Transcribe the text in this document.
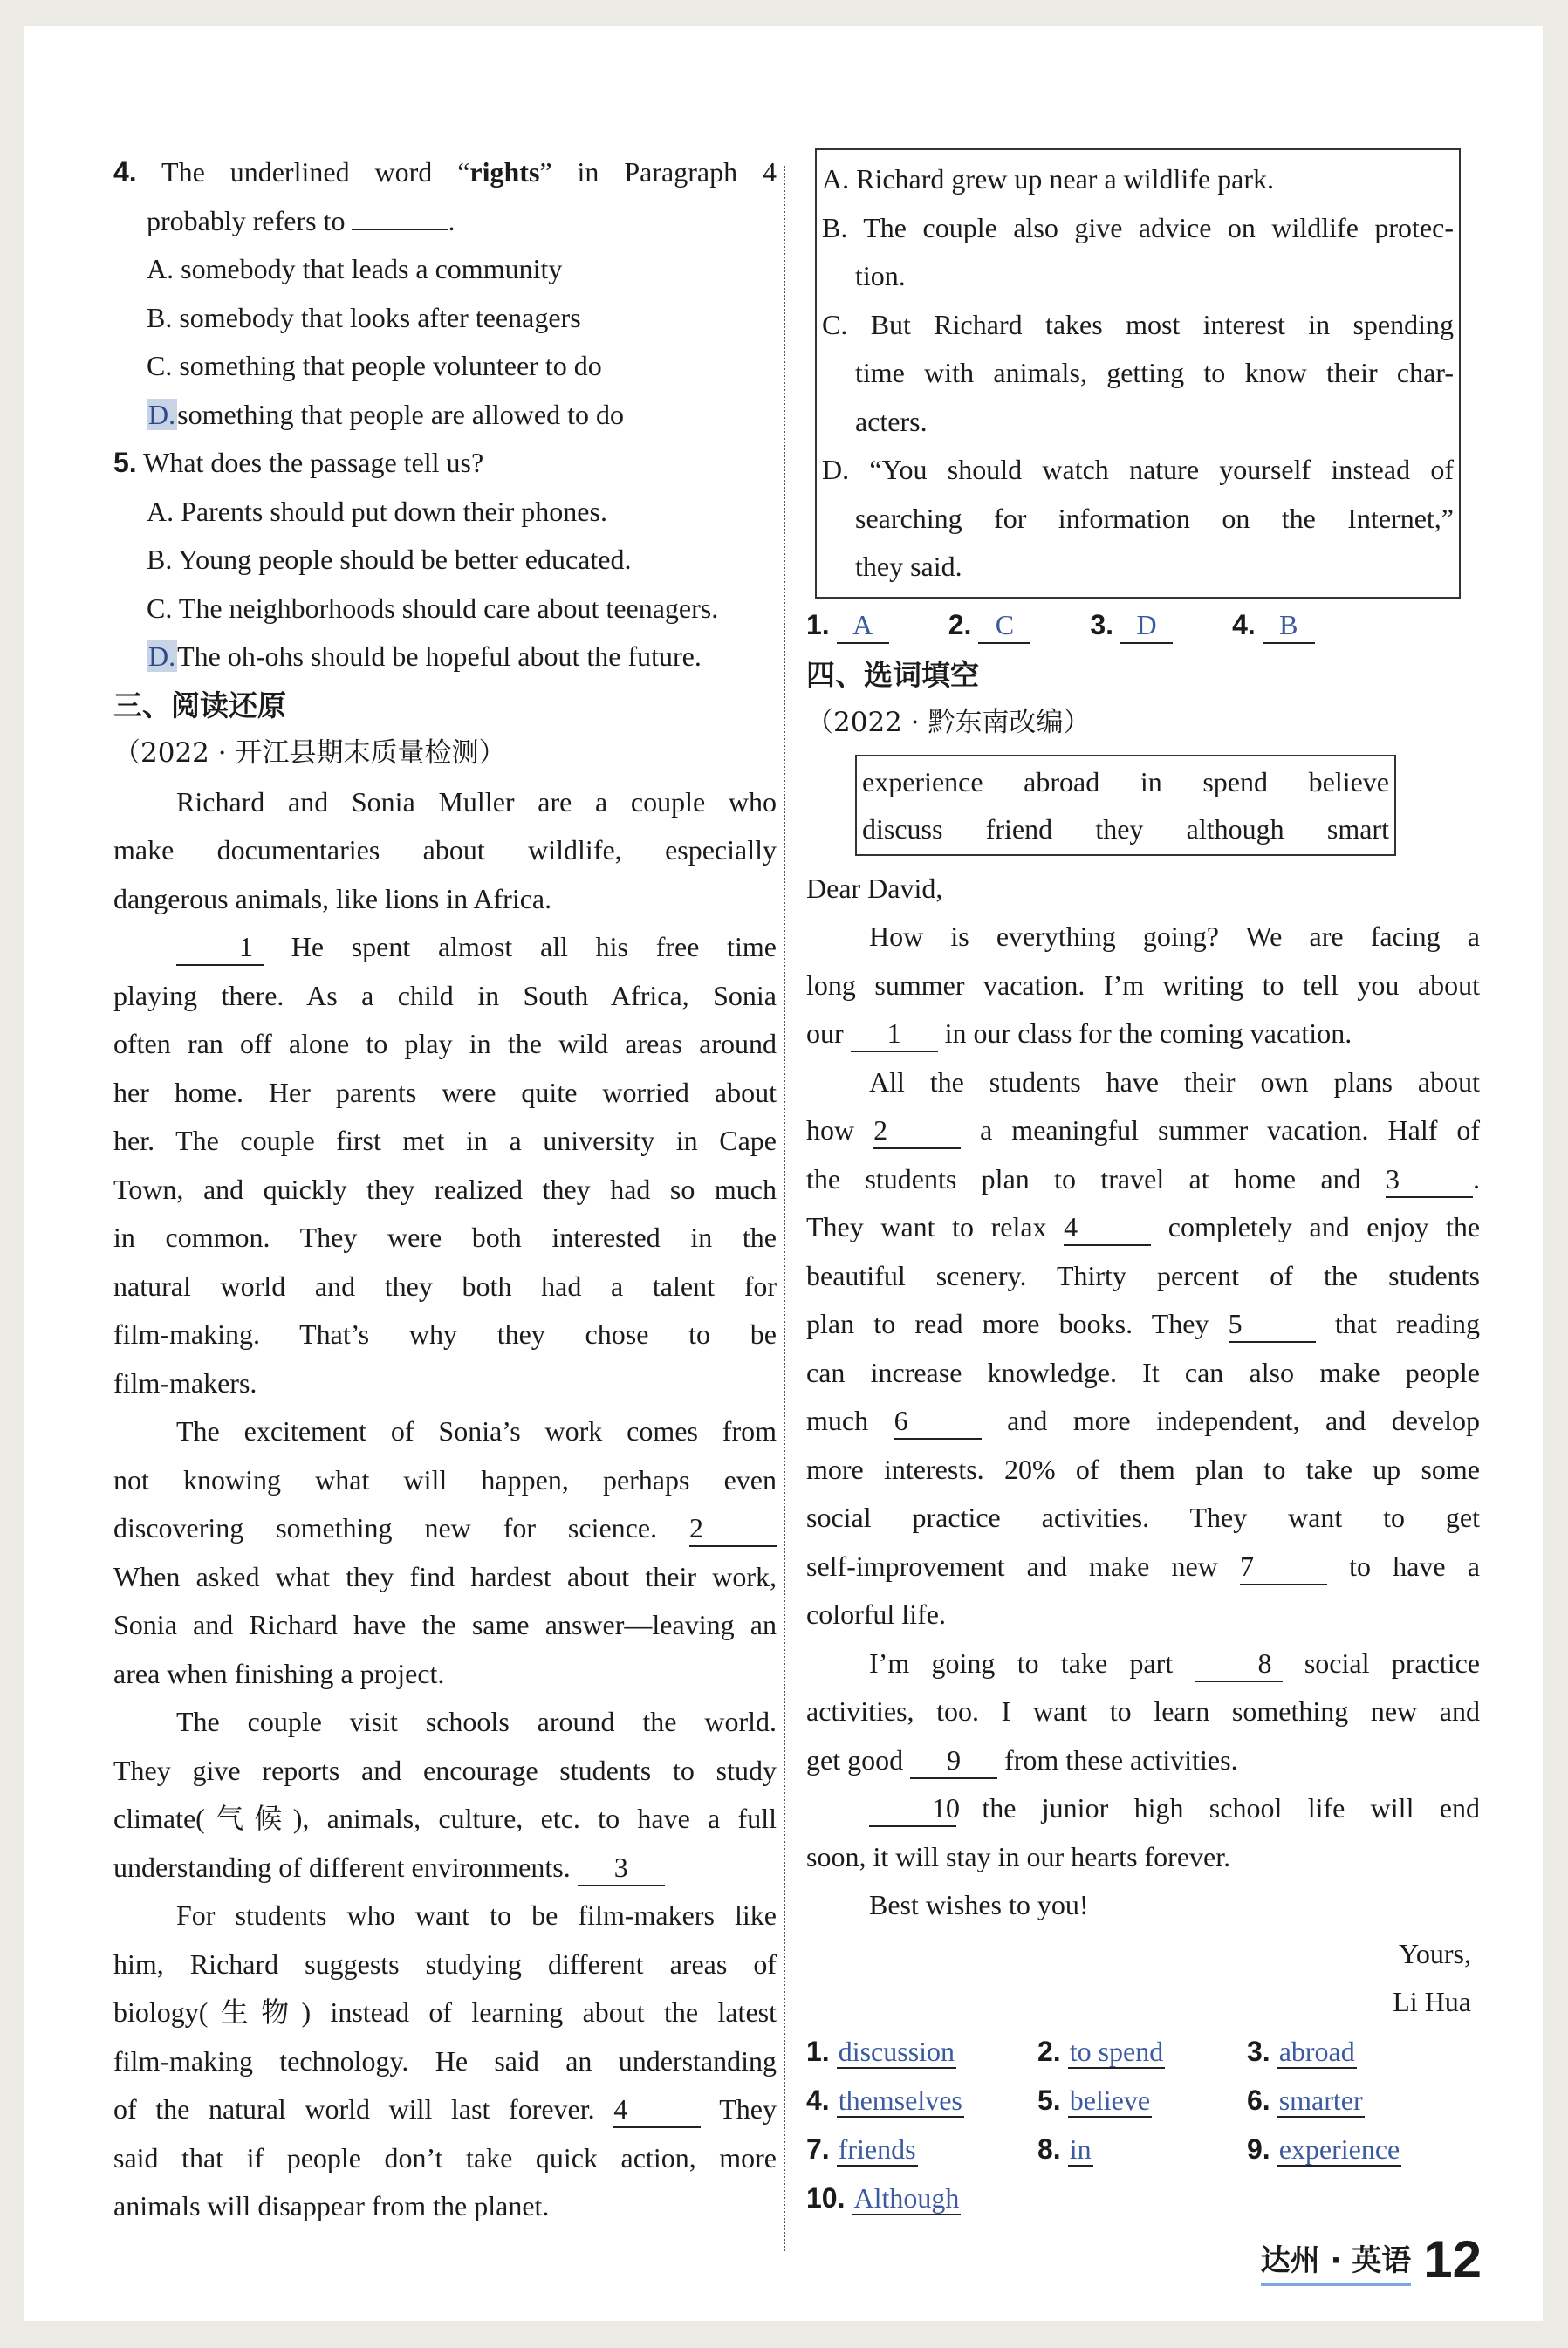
4. The underlined word “rights” in Paragraph 4

probably refers to	.

A. somebody that leads a community

B. somebody that looks after teenagers

C. something that people volunteer to do

D.something that people are allowed to do

5. What does the passage tell us?

A. Parents should put down their phones.

B. Young people should be better educated.

C. The neighborhoods should care about teenagers.

D.The oh-ohs should be hopeful about the future.

三、阅读还原
（2022 · 开江县期末质量检测）

Richard and Sonia Muller are a couple who

make documentaries about wildlife, especially

dangerous animals, like lions in Africa.

1 He spent almost all his free time

playing there. As a child in South Africa, Sonia

often ran off alone to play in the wild areas around

her home. Her parents were quite worried about

her. The couple first met in a university in Cape

Town, and quickly they realized they had so much

in common. They were both interested in the

natural world and they both had a talent for

film-making. That’s why they chose to be

film-makers.

The excitement of Sonia’s work comes from

not knowing what will happen, perhaps even

discovering something new for science. 2

When asked what they find hardest about their work,

Sonia and Richard have the same answer—leaving an

area when finishing a project.

The couple visit schools around the world.

They give reports and encourage students to study

climate(气候), animals, culture, etc. to have a full

understanding of different environments. 3

For students who want to be film-makers like

him, Richard suggests studying different areas of

biology(生物) instead of learning about the latest

film-making technology. He said an understanding

of the natural world will last forever. 4	They

said that if people don’t take quick action, more

animals will disappear from the planet.

A. Richard grew up near a wildlife park.

B. The couple also give advice on wildlife protec-

tion.

C. But Richard takes most interest in spending

time with animals, getting to know their char-

acters.

D. “You should watch nature yourself instead of

searching for information on the Internet,”

they said.

1. A	2. C	3. D	4. B
四、选词填空
（2022 · 黔东南改编）
experience abroad in spend believe
discuss friend they although smart

Dear David,

How is everything going? We are facing a

long summer vacation. I’m writing to tell you about

our 1 in our class for the coming vacation.

All the students have their own plans about

how 2	a meaningful summer vacation. Half of

the students plan to travel at home and 3	.

They want to relax 4	completely and enjoy the

beautiful scenery. Thirty percent of the students

plan to read more books. They 5	that reading

can increase knowledge. It can also make people

much 6	and more independent, and develop

more interests. 20% of them plan to take up some

social practice activities. They want to get

self-improvement and make new 7	to have a

colorful life.

I’m going to take part	8 social practice

activities, too. I want to learn something new and

get good 9 from these activities.

10 the junior high school life will end

soon, it will stay in our hearts forever.

Best wishes to you!

Yours,

Li Hua

1. discussion	2. to spend	3. abroad
4. themselves	5. believe	6. smarter
7. friends	8. in	9. experience
10. Although
达州 · 英语 12
